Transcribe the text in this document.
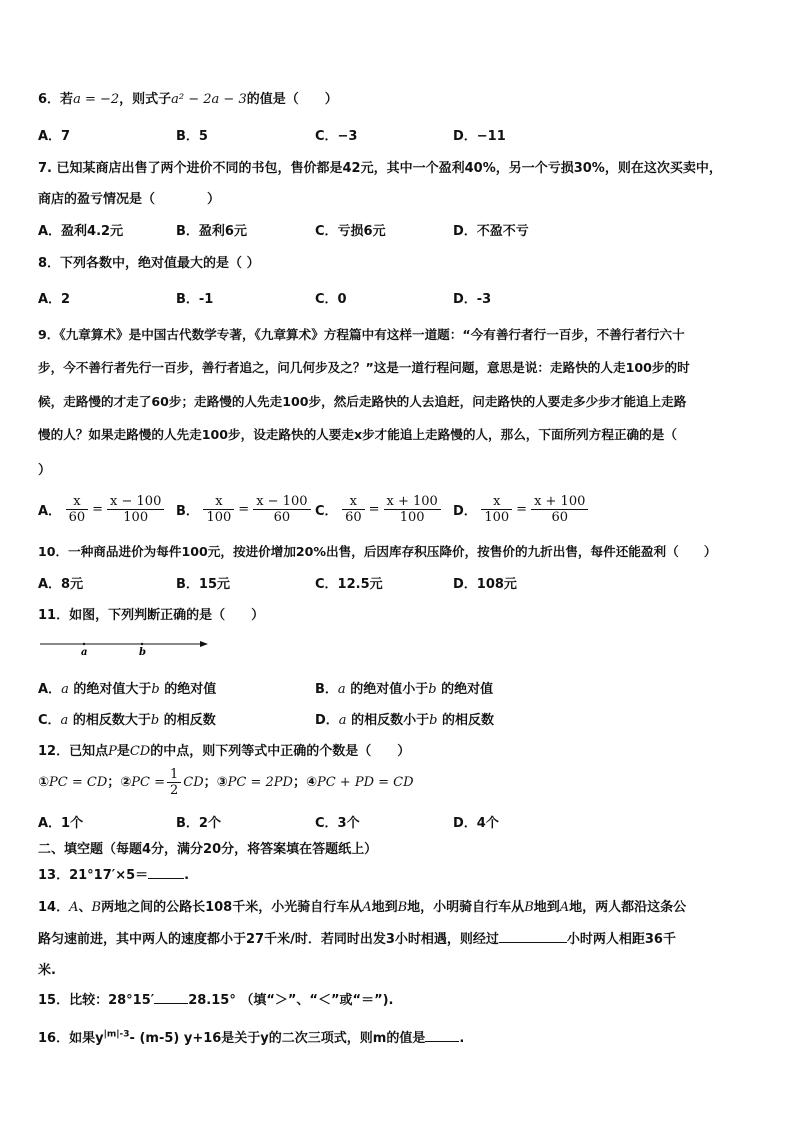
6．若a = −2，则式子a² − 2a − 3的值是（　　）
A．7	B．5	C．−3	D．−11
7. 已知某商店出售了两个进价不同的书包，售价都是42元，其中一个盈利40%，另一个亏损30%，则在这次买卖中，
商店的盈亏情况是（　　　　）
A．盈利4.2元	B．盈利6元	C．亏损6元	D．不盈不亏
8．下列各数中，绝对值最大的是（ ）
A．2	B．-1	C．0	D．-3
9．《九章算术》是中国古代数学专著，《九章算术》方程篇中有这样一道题：“今有善行者行一百步，不善行者行六十
步，今不善行者先行一百步，善行者追之，问几何步及之？”这是一道行程问题，意思是说：走路快的人走100步的时
候，走路慢的才走了60步；走路慢的人先走100步，然后走路快的人去追赶，问走路快的人要走多少步才能追上走路
慢的人？如果走路慢的人先走100步，设走路快的人要走x步才能追上走路慢的人，那么，下面所列方程正确的是（
）
A． $\frac{x}{60} = \frac{x - 100}{100}$ B． $\frac{x}{100} = \frac{x - 100}{60}$ C． $\frac{x}{60} = \frac{x + 100}{100}$ D． $\frac{x}{100} = \frac{x + 100}{60}$
10．一种商品进价为每件100元，按进价增加20%出售，后因库存积压降价，按售价的九折出售，每件还能盈利（　　）
A．8元	B．15元	C．12.5元	D．108元
11．如图，下列判断正确的是（　　）
a	b
A．a 的绝对值大于b 的绝对值	B．a 的绝对值小于b 的绝对值
C．a 的相反数大于b 的相反数	D．a 的相反数小于b 的相反数
12．已知点P是CD的中点，则下列等式中正确的个数是（　　）
①PC = CD；②PC = $\frac{1}{2}$ CD；③PC = 2PD；④PC + PD = CD
A．1个	B．2个	C．3个	D．4个
二、填空题（每题4分，满分20分，将答案填在答题纸上）
13．21°17′×5＝	.
14．A、B两地之间的公路长108千米，小光骑自行车从A地到B地，小明骑自行车从B地到A地，两人都沿这条公
路匀速前进，其中两人的速度都小于27千米/时．若同时出发3小时相遇，则经过	小时两人相距36千
米.
15．比较：28°15′	28.15° （填“＞”、“＜”或“＝”).
16．如果$y^{|m|-3}-$ (m-5) y+16是关于y的二次三项式，则m的值是	.
